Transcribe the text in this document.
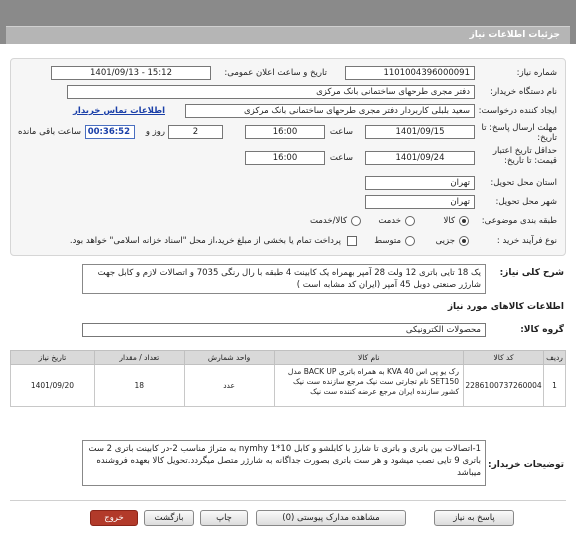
جزئیات اطلاعات نیاز
شماره نیاز:
1101004396000091
تاریخ و ساعت اعلان عمومی:
1401/09/13 - 15:12
نام دستگاه خریدار:
دفتر مجری طرحهای ساختمانی بانک مرکزی
ایجاد کننده درخواست:
سعید بلبلی کاربردار دفتر مجری طرحهای ساختمانی بانک مرکزی
اطلاعات تماس خریدار
مهلت ارسال پاسخ: تا تاریخ:
1401/09/15
ساعت
16:00
2
روز و
00:36:52
ساعت باقی مانده
حداقل تاریخ اعتبار قیمت: تا تاریخ:
1401/09/24
ساعت
16:00
استان محل تحویل:
تهران
شهر محل تحویل:
تهران
طبقه بندی موضوعی:
کالا
خدمت
کالا/خدمت
نوع فرآیند خرید :
جزیی
متوسط
پرداخت تمام یا بخشی از مبلغ خرید،از محل "اسناد خزانه اسلامی" خواهد بود.
شرح کلی نیاز:
یک 18 تایی باتری 12 ولت 28 آمپر بهمراه یک کابینت 4 طبقه با رال رنگی 7035 و اتصالات لازم و کابل جهت شارژر صنعتی دوبل 45 آمپر (ایران کد مشابه است )
اطلاعات کالاهای مورد نیاز
گروه کالا:
محصولات الکترونیکی
ردیف	کد کالا	نام کالا	واحد شمارش	تعداد / مقدار	تاریخ نیاز
1	2286100737260004	رک یو پی اس KVA 40 به همراه باتری BACK UP مدل SET150 نام تجارتی ست نیک مرجع سازنده ست نیک کشور سازنده ایران مرجع عرضه کننده ست نیک	عدد	18	1401/09/20
توضیحات خریدار:
1-اتصالات بین باتری و باتری تا شارژ با کابلشو و کابل 10*1 nymhy به متراژ مناسب 2-در کابینت باتری 2 ست باتری 9 تایی نصب میشود و هر ست باتری بصورت جداگانه به شارژر متصل میگردد.تحویل کالا بعهده فروشنده میباشد
پاسخ به نیاز
مشاهده مدارک پیوستی (0)
چاپ
بازگشت
خروج
